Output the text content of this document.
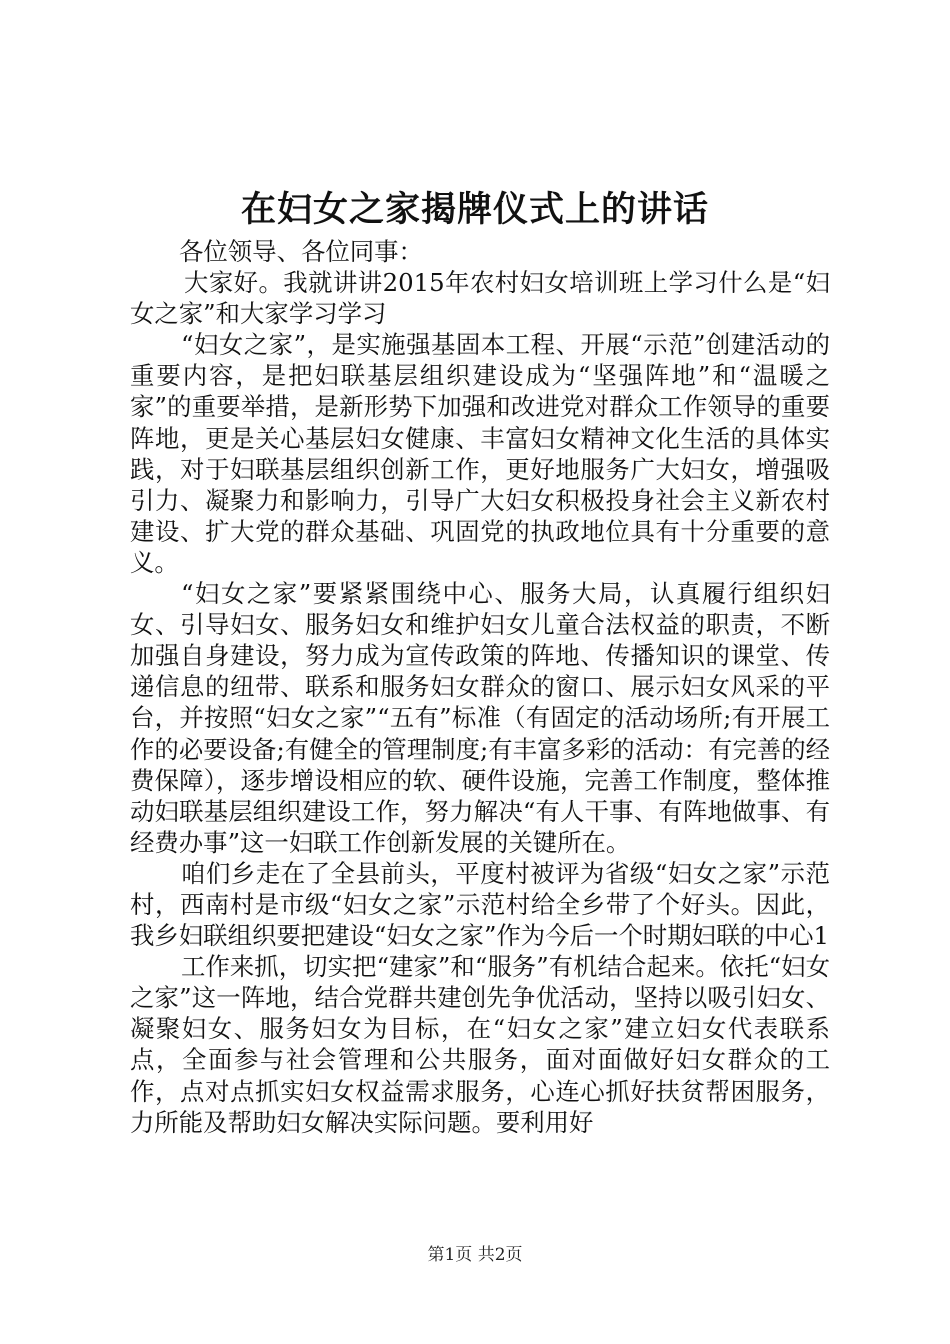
在妇女之家揭牌仪式上的讲话

各位领导、各位同事：

大家好。我就讲讲2015年农村妇女培训班上学习什么是“妇女之家”和大家学习学习

“妇女之家”，是实施强基固本工程、开展“示范”创建活动的重要内容，是把妇联基层组织建设成为“坚强阵地”和“温暖之家”的重要举措，是新形势下加强和改进党对群众工作领导的重要阵地，更是关心基层妇女健康、丰富妇女精神文化生活的具体实践，对于妇联基层组织创新工作，更好地服务广大妇女，增强吸引力、凝聚力和影响力，引导广大妇女积极投身社会主义新农村建设、扩大党的群众基础、巩固党的执政地位具有十分重要的意义。

“妇女之家”要紧紧围绕中心、服务大局，认真履行组织妇女、引导妇女、服务妇女和维护妇女儿童合法权益的职责，不断加强自身建设，努力成为宣传政策的阵地、传播知识的课堂、传递信息的纽带、联系和服务妇女群众的窗口、展示妇女风采的平台，并按照“妇女之家”“五有”标准（有固定的活动场所;有开展工作的必要设备;有健全的管理制度;有丰富多彩的活动：有完善的经费保障），逐步增设相应的软、硬件设施，完善工作制度，整体推动妇联基层组织建设工作，努力解决“有人干事、有阵地做事、有经费办事”这一妇联工作创新发展的关键所在。

咱们乡走在了全县前头，平度村被评为省级“妇女之家”示范村，西南村是市级“妇女之家”示范村给全乡带了个好头。因此，我乡妇联组织要把建设“妇女之家”作为今后一个时期妇联的中心1

工作来抓，切实把“建家”和“服务”有机结合起来。依托“妇女之家”这一阵地，结合党群共建创先争优活动，坚持以吸引妇女、凝聚妇女、服务妇女为目标，在“妇女之家”建立妇女代表联系点，全面参与社会管理和公共服务，面对面做好妇女群众的工作，点对点抓实妇女权益需求服务，心连心抓好扶贫帮困服务，力所能及帮助妇女解决实际问题。要利用好

第1页 共2页
